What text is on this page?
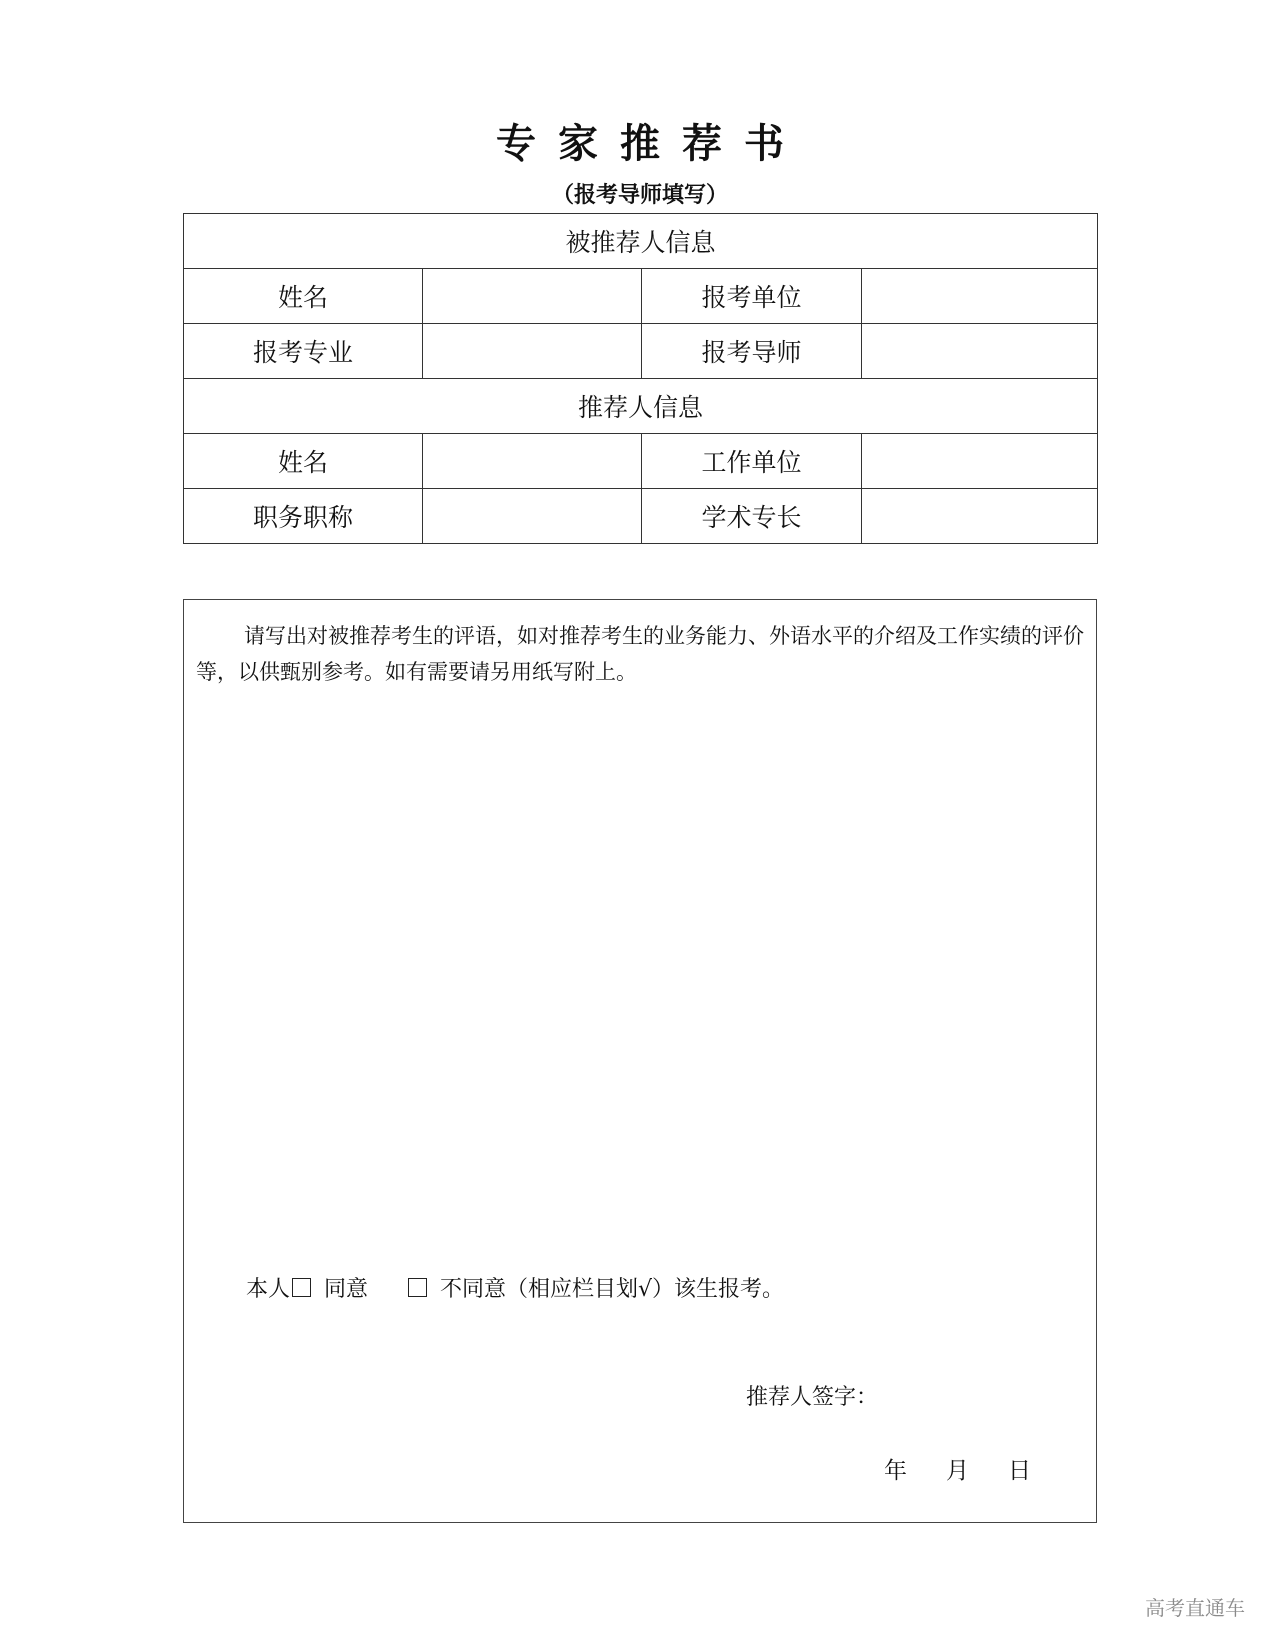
专家推荐书
（报考导师填写）
被推荐人信息			
姓名		报考单位	
报考专业		报考导师	
推荐人信息			
姓名		工作单位	
职务职称		学术专长	

请写出对被推荐考生的评语，如对推荐考生的业务能力、外语水平的介绍及工作实绩的评价等，以供甄别参考。如有需要请另用纸写附上。

本人 同意	不同意（相应栏目划√）该生报考。
推荐人签字：
年	月	日
高考直通车
